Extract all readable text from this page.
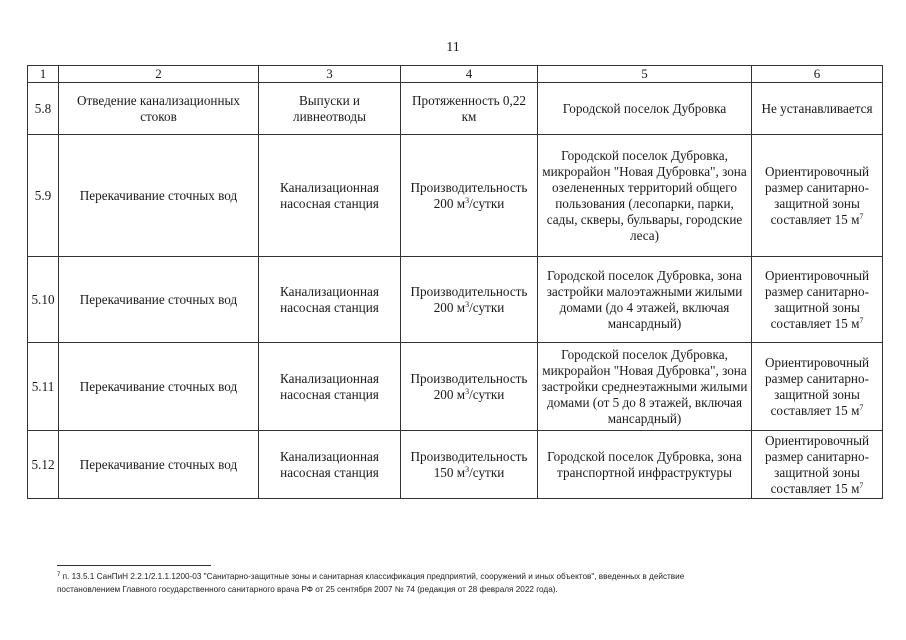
11
1	2	3	4	5	6
5.8	Отведение канализационных стоков	Выпуски и ливнеотводы	Протяженность 0,22 км	Городской поселок Дубровка	Не устанавливается
5.9	Перекачивание сточных вод	Канализационная насосная станция	Производительность 200 $м^3$/сутки	Городской поселок Дубровка, микрорайон "Новая Дубровка", зона озелененных территорий общего пользования (лесопарки, парки, сады, скверы, бульвары, городские леса)	Ориентировочный размер санитарно-защитной зоны составляет 15 $м^7$
5.10	Перекачивание сточных вод	Канализационная насосная станция	Производительность 200 $м^3$/сутки	Городской поселок Дубровка, зона застройки малоэтажными жилыми домами (до 4 этажей, включая мансардный)	Ориентировочный размер санитарно-защитной зоны составляет 15 $м^7$
5.11	Перекачивание сточных вод	Канализационная насосная станция	Производительность 200 $м^3$/сутки	Городской поселок Дубровка, микрорайон "Новая Дубровка", зона застройки среднеэтажными жилыми домами (от 5 до 8 этажей, включая мансардный)	Ориентировочный размер санитарно-защитной зоны составляет 15 $м^7$
5.12	Перекачивание сточных вод	Канализационная насосная станция	Производительность 150 $м^3$/сутки	Городской поселок Дубровка, зона транспортной инфраструктуры	Ориентировочный размер санитарно-защитной зоны составляет 15 $м^7$
$^7$ п. 13.5.1 СанПиН 2.2.1/2.1.1.1200-03 "Санитарно-защитные зоны и санитарная классификация предприятий, сооружений и иных объектов", введенных в действие
постановлением Главного государственного санитарного врача РФ от 25 сентября 2007 № 74 (редакция от 28 февраля 2022 года).
